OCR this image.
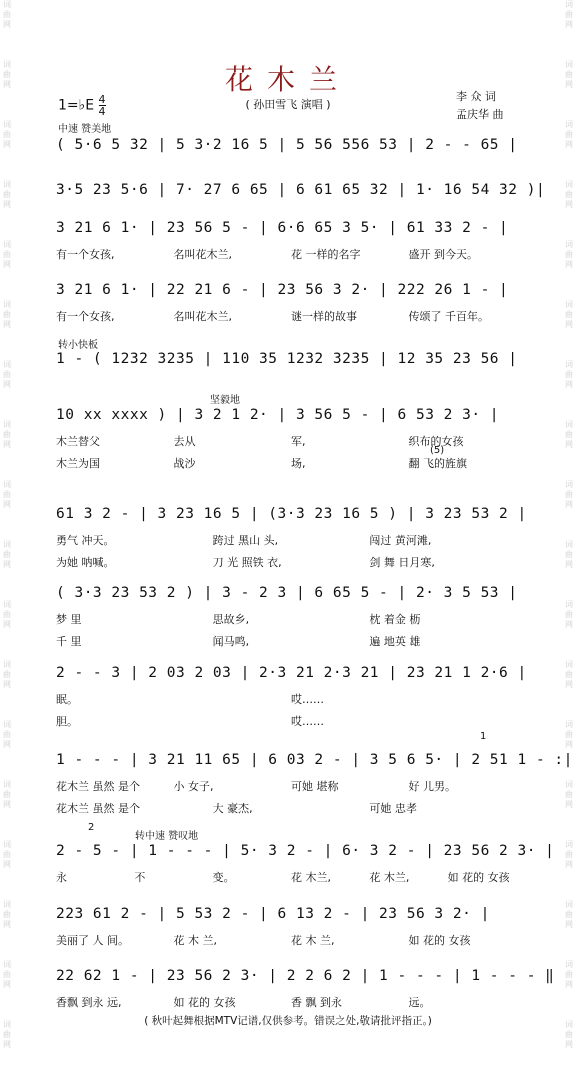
词
曲
网
词
曲
网
词
曲
网
词
曲
网
词
曲
网
词
曲
网
词
曲
网
词
曲
网
词
曲
网
词
曲
网
词
曲
网
词
曲
网
词
曲
网
词
曲
网
词
曲
网
词
曲
网
词
曲
网
词
曲
网
词
曲
网
词
曲
网
词
曲
网
词
曲
网
词
曲
网
词
曲
网
词
曲
网
词
曲
网
词
曲
网
词
曲
网
词
曲
网
词
曲
网
词
曲
网
词
曲
网
词
曲
网
词
曲
网
词
曲
网
词
曲
网
花木兰
( 孙田雪飞 演唱 )
1=♭E $\frac{4}{4}$	李 众 词
孟庆华 曲
中速 赞美地
转小快板
坚毅地
(5)
1
2
转中速 赞叹地
( 5·6 5 32 | 5 3·2 16 5 | 5 56 556 53 | 2 - - 65 |
3·5 23 5·6 | 7· 27 6 65 | 6 61 65 32 | 1· 16 54 32 )|
3 21 6 1· | 23 56 5 - | 6·6 65 3 5· | 61 33 2 - |
有一个女孩,	名叫花木兰,	花 一样的名字	盛开 到今天。
3 21 6 1· | 22 21 6 - | 23 56 3 2· | 222 26 1 - |
有一个女孩,	名叫花木兰,	谜一样的故事	传颂了 千百年。
1 - ( 1232 3235 | 110 35 1232 3235 | 12 35 23 56 |
10 xx xxxx ) | 3 2 1 2· | 3 56 5 - | 6 53 2 3· |
木兰替父	去从	军,	织布的女孩
木兰为国	战沙	场,	翻 飞的旌旗
61 3 2 - | 3 23 16 5 | (3·3 23 16 5 ) | 3 23 53 2 |
勇气 冲天。	跨过 黑山 头,	闯过 黄河滩,
为她 呐喊。	刀 光 照铁 衣,	剑 舞 日月寒,
( 3·3 23 53 2 ) | 3 - 2 3 | 6 65 5 - | 2· 3 5 53 |
梦 里	思故乡,	枕 着金 枥
千 里	闻马鸣,	遍 地英 雄
2 - - 3 | 2 03 2 03 | 2·3 21 2·3 21 | 23 21 1 2·6 |
眠。	哎……
胆。	哎……
1 - - - | 3 21 11 65 | 6 03 2 - | 3 5 6 5· | 2 51 1 - :|
花木兰 虽然 是个	小 女子,	可她 堪称	好 儿男。
花木兰 虽然 是个	大 豪杰,	可她 忠孝
2 - 5 - | 1 - - - | 5· 3 2 - | 6· 3 2 - | 23 56 2 3· |
永	不	变。	花 木兰,	花 木兰,	如 花的 女孩
223 61 2 - | 5 53 2 - | 6 13 2 - | 23 56 3 2· |
美丽了 人 间。	花 木 兰,	花 木 兰,	如 花的 女孩
22 62 1 - | 23 56 2 3· | 2 2 6 2 | 1 - - - | 1 - - - ‖
香飘 到永 远,	如 花的 女孩	香 飘 到永	远。
( 秋叶起舞根据MTV记谱,仅供参考。错误之处,敬请批评指正。)
